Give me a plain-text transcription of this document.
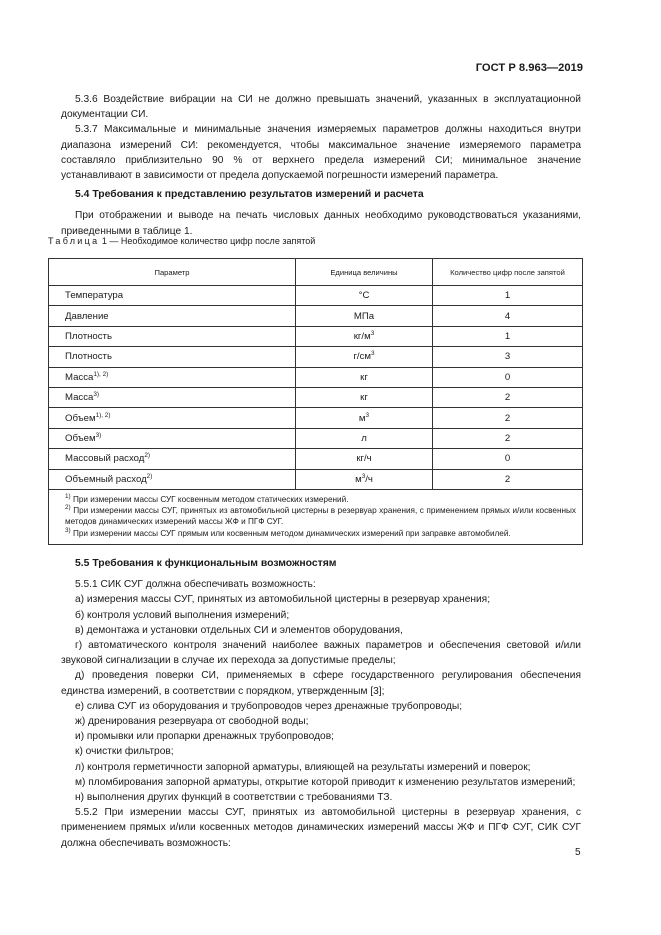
ГОСТ Р 8.963—2019

5.3.6 Воздействие вибрации на СИ не должно превышать значений, указанных в эксплуатационной документации СИ.

5.3.7 Максимальные и минимальные значения измеряемых параметров должны находиться внутри диапазона измерений СИ: рекомендуется, чтобы максимальное значение измеряемого параметра составляло приблизительно 90 % от верхнего предела измерений СИ; минимальное значение устанавливают в зависимости от предела допускаемой погрешности измерений параметра.

5.4 Требования к представлению результатов измерений и расчета

При отображении и выводе на печать числовых данных необходимо руководствоваться указаниями, приведенными в таблице 1.

Таблица 1 — Необходимое количество цифр после запятой
Параметр	Единица величины	Количество цифр после запятой
Температура	°С	1
Давление	МПа	4
Плотность	$кг/м^3$	1
Плотность	$г/см^3$	3
Масса$^{1), 2)}$	кг	0
Масса$^{3)}$	кг	2
Объем$^{1), 2)}$	$м^3$	2
Объем$^{3)}$	л	2
Массовый расход$^{2)}$	кг/ч	0
Объемный расход$^{2)}$	$м^3/ч$	2

$^{1)}$ При измерении массы СУГ косвенным методом статических измерений.
$^{2)}$ При измерении массы СУГ, принятых из автомобильной цистерны в резервуар хранения, с применением прямых и/или косвенных методов динамических измерений массы ЖФ и ПГФ СУГ.
$^{3)}$ При измерении массы СУГ прямым или косвенным методом динамических измерений при заправке автомобилей.		

5.5 Требования к функциональным возможностям

5.5.1 СИК СУГ должна обеспечивать возможность:

а) измерения массы СУГ, принятых из автомобильной цистерны в резервуар хранения;

б) контроля условий выполнения измерений;

в) демонтажа и установки отдельных СИ и элементов оборудования,

г) автоматического контроля значений наиболее важных параметров и обеспечения световой и/или звуковой сигнализации в случае их перехода за допустимые пределы;

д) проведения поверки СИ, применяемых в сфере государственного регулирования обеспечения единства измерений, в соответствии с порядком, утвержденным [3];

е) слива СУГ из оборудования и трубопроводов через дренажные трубопроводы;

ж) дренирования резервуара от свободной воды;

и) промывки или пропарки дренажных трубопроводов;

к) очистки фильтров;

л) контроля герметичности запорной арматуры, влияющей на результаты измерений и поверок;

м) пломбирования запорной арматуры, открытие которой приводит к изменению результатов измерений;

н) выполнения других функций в соответствии с требованиями ТЗ.

5.5.2 При измерении массы СУГ, принятых из автомобильной цистерны в резервуар хранения, с применением прямых и/или косвенных методов динамических измерений массы ЖФ и ПГФ СУГ, СИК СУГ должна обеспечивать возможность:

5
